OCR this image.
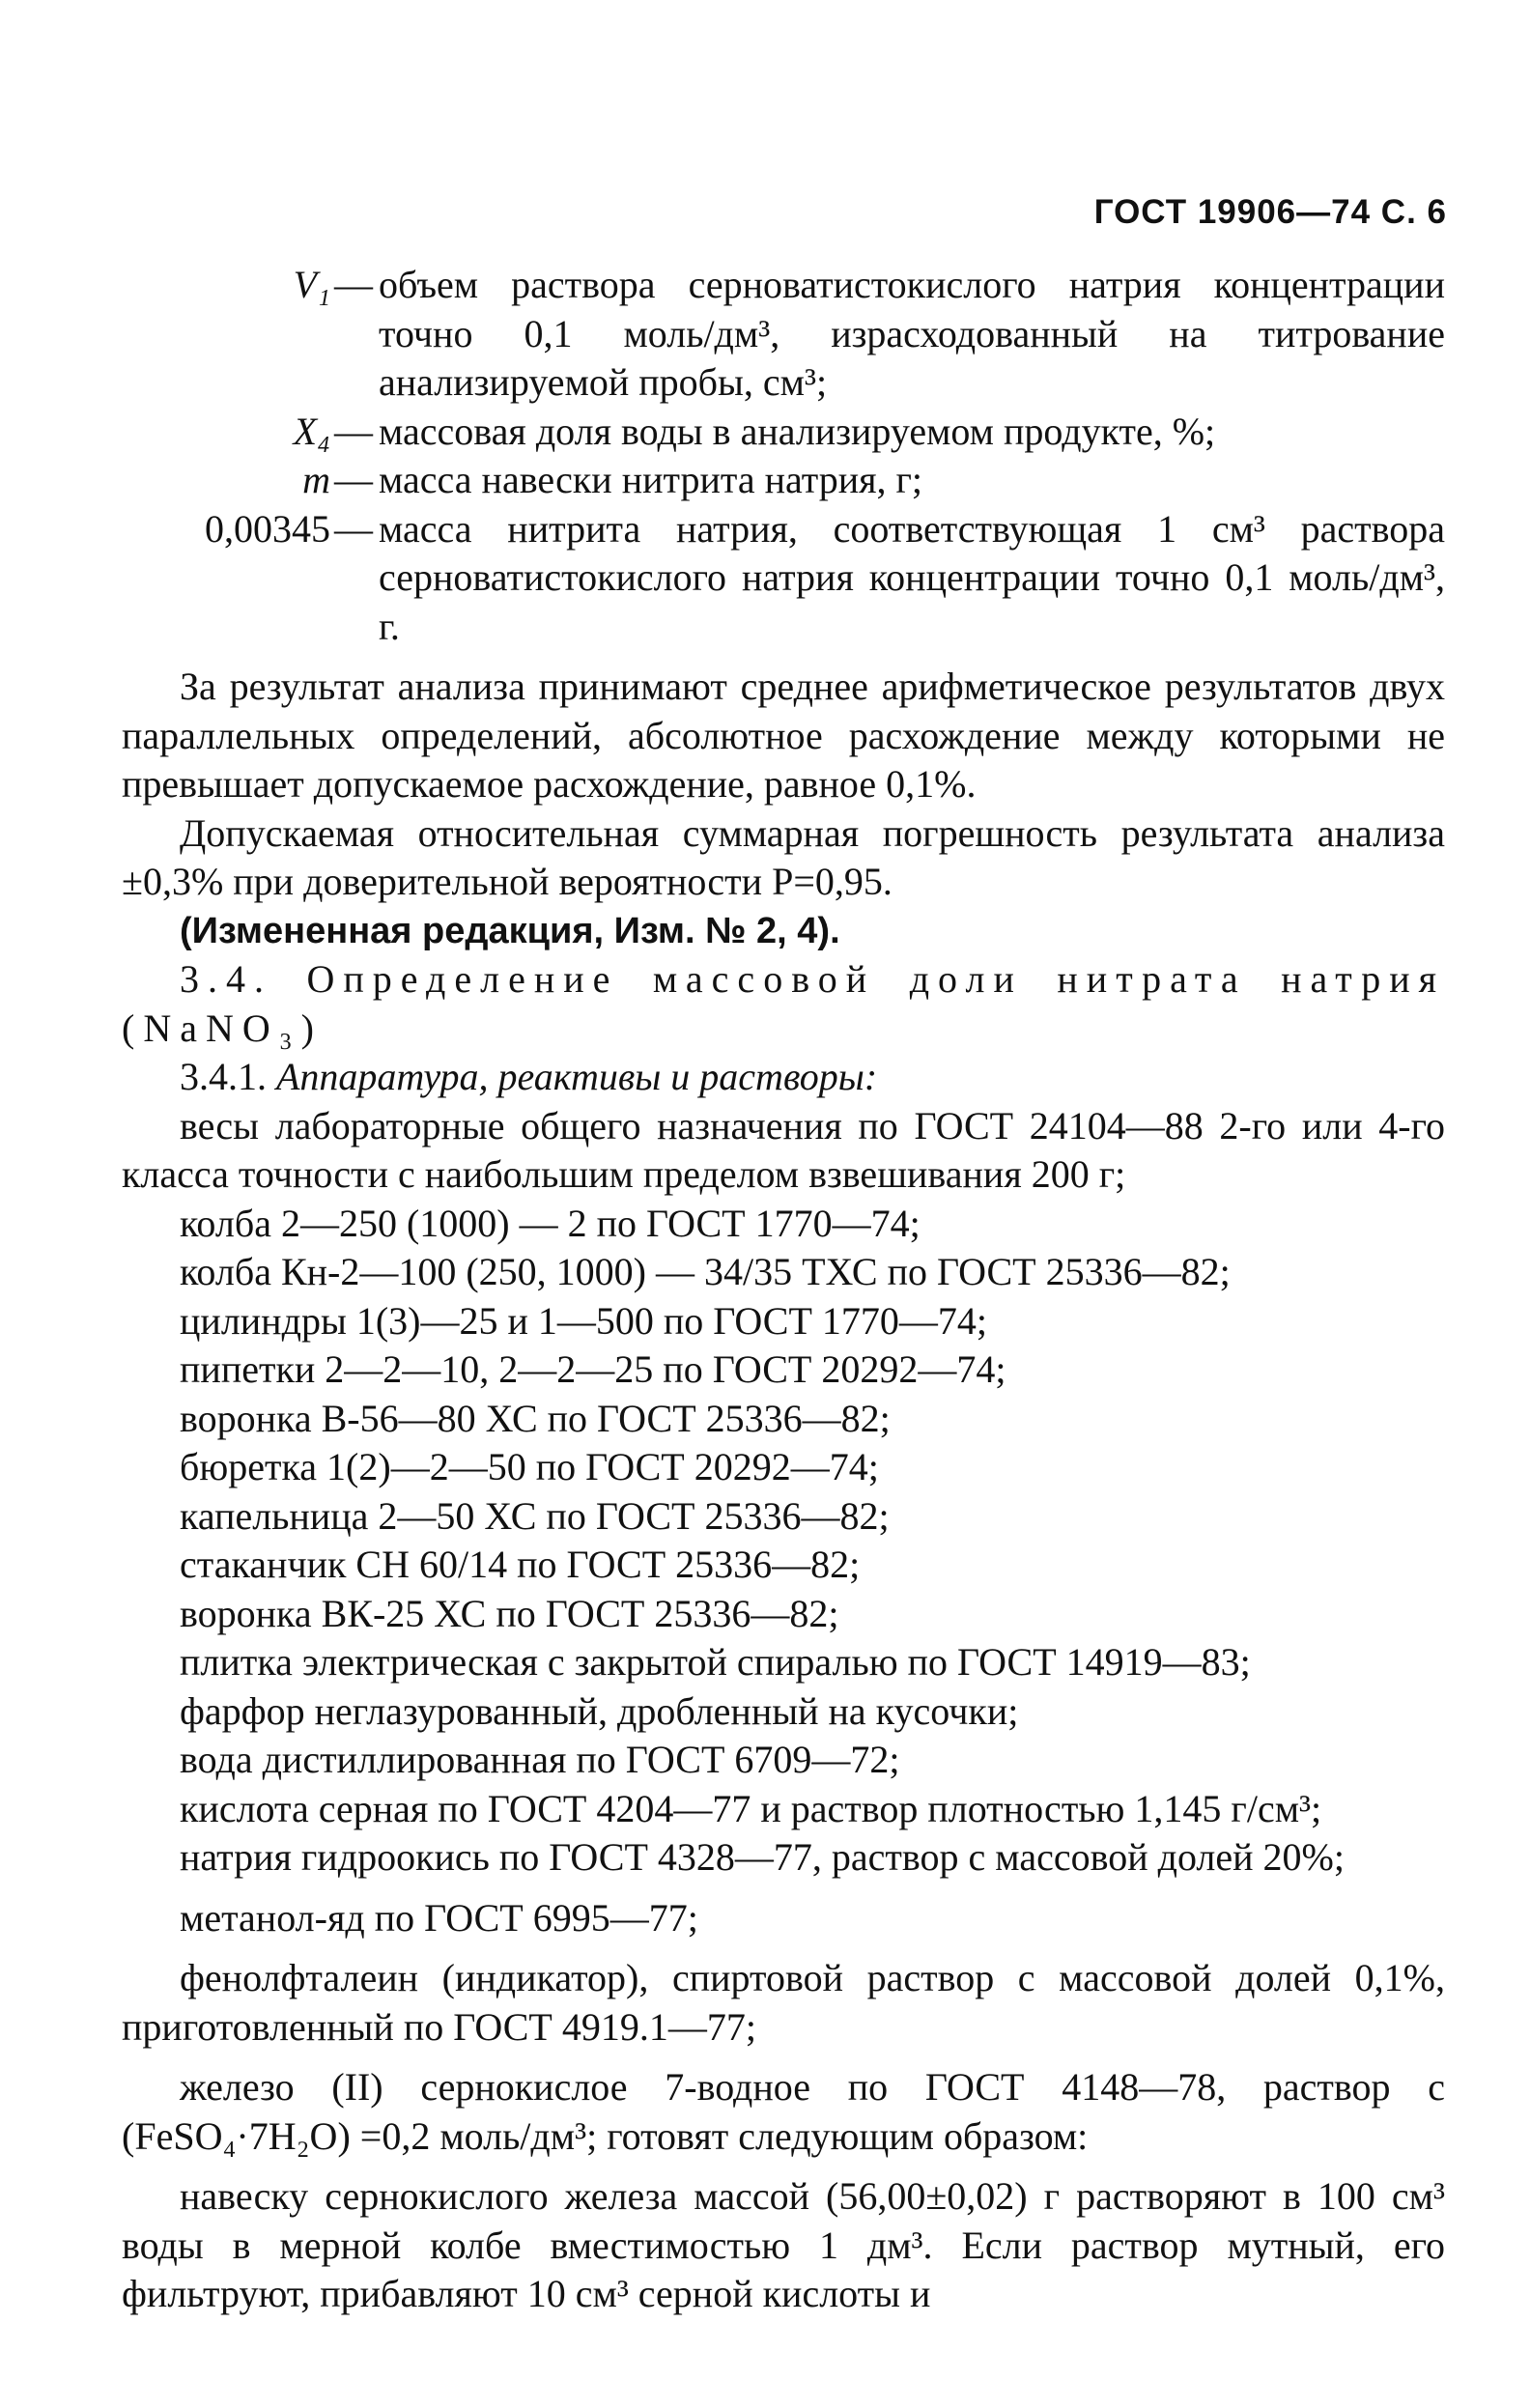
ГОСТ 19906—74 С. 6
V₁ — объем раствора серноватистокислого натрия концентрации точно 0,1 моль/дм³, израсходованный на титрование анализируемой пробы, см³;
X₄ — массовая доля воды в анализируемом продукте, %;
m — масса навески нитрита натрия, г;
0,00345 — масса нитрита натрия, соответствующая 1 см³ раствора серноватистокислого натрия концентрации точно 0,1 моль/дм³, г.

За результат анализа принимают среднее арифметическое результатов двух параллельных определений, абсолютное расхождение между которыми не превышает допускаемое расхождение, равное 0,1%.

Допускаемая относительная суммарная погрешность результата анализа ±0,3% при доверительной вероятности P=0,95.

(Измененная редакция, Изм. № 2, 4).

3.4. Определение массовой доли нитрата натрия (NaNO₃)

3.4.1. Аппаратура, реактивы и растворы:

весы лабораторные общего назначения по ГОСТ 24104—88 2-го или 4-го класса точности с наибольшим пределом взвешивания 200 г;

колба 2—250 (1000) — 2 по ГОСТ 1770—74;

колба Кн-2—100 (250, 1000) — 34/35 ТХС по ГОСТ 25336—82;

цилиндры 1(3)—25 и 1—500 по ГОСТ 1770—74;

пипетки 2—2—10, 2—2—25 по ГОСТ 20292—74;

воронка В-56—80 ХС по ГОСТ 25336—82;

бюретка 1(2)—2—50 по ГОСТ 20292—74;

капельница 2—50 ХС по ГОСТ 25336—82;

стаканчик СН 60/14 по ГОСТ 25336—82;

воронка ВК-25 ХС по ГОСТ 25336—82;

плитка электрическая с закрытой спиралью по ГОСТ 14919—83;

фарфор неглазурованный, дробленный на кусочки;

вода дистиллированная по ГОСТ 6709—72;

кислота серная по ГОСТ 4204—77 и раствор плотностью 1,145 г/см³;

натрия гидроокись по ГОСТ 4328—77, раствор с массовой долей 20%;

метанол-яд по ГОСТ 6995—77;

фенолфталеин (индикатор), спиртовой раствор с массовой долей 0,1%, приготовленный по ГОСТ 4919.1—77;

железо (II) сернокислое 7-водное по ГОСТ 4148—78, раствор c (FeSO₄·7H₂O) =0,2 моль/дм³; готовят следующим образом:

навеску сернокислого железа массой (56,00±0,02) г растворяют в 100 см³ воды в мерной колбе вместимостью 1 дм³. Если раствор мутный, его фильтруют, прибавляют 10 см³ серной кислоты и
